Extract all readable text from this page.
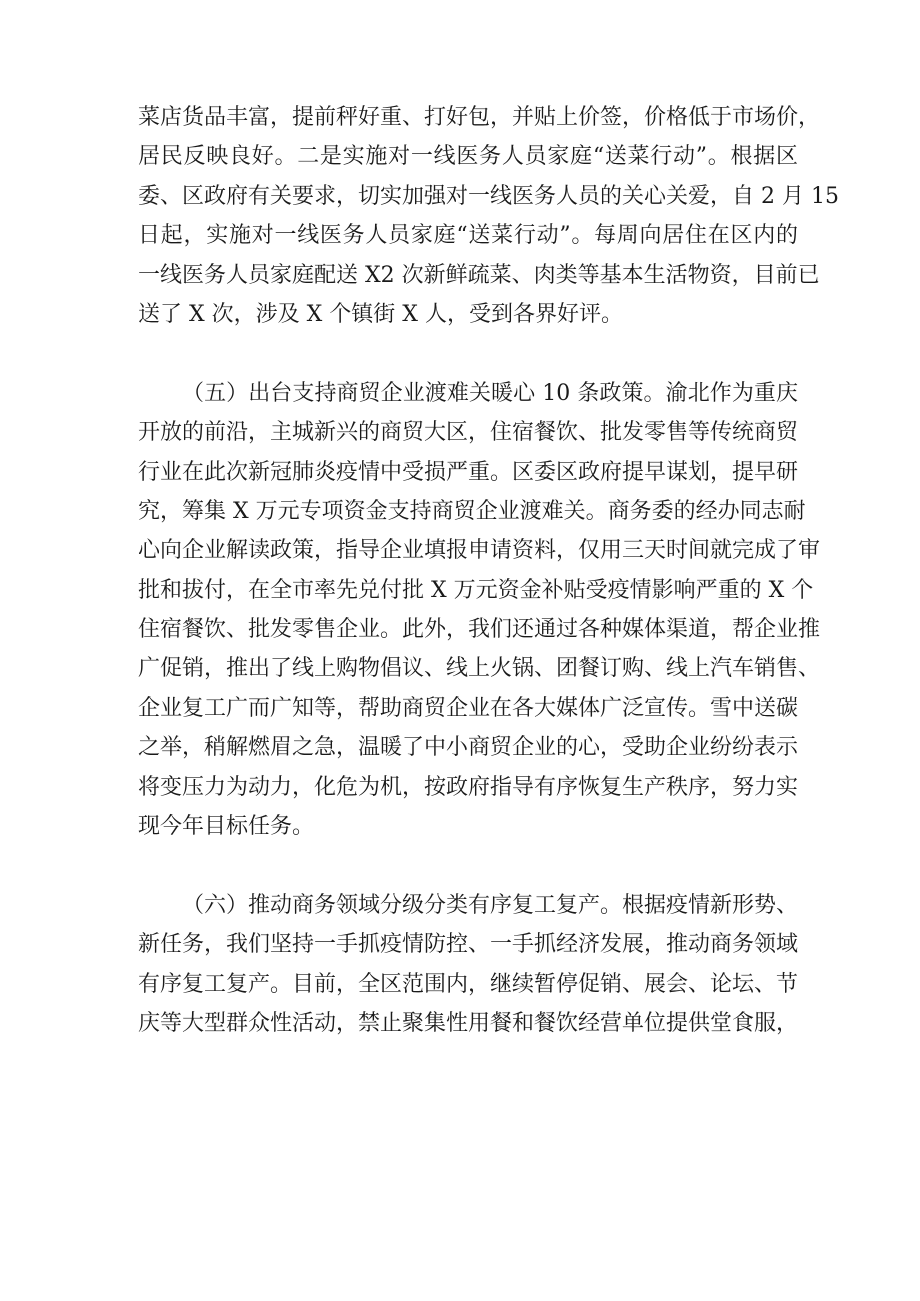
菜店货品丰富，提前秤好重、打好包，并贴上价签，价格低于市场价，
居民反映良好。二是实施对一线医务人员家庭“送菜行动”。根据区
委、区政府有关要求，切实加强对一线医务人员的关心关爱，自 2 月 15
日起，实施对一线医务人员家庭“送菜行动”。每周向居住在区内的
一线医务人员家庭配送 X2 次新鲜疏菜、肉类等基本生活物资，目前已
送了 X 次，涉及 X 个镇街 X 人，受到各界好评。
（五）出台支持商贸企业渡难关暖心 10 条政策。渝北作为重庆
开放的前沿，主城新兴的商贸大区，住宿餐饮、批发零售等传统商贸
行业在此次新冠肺炎疫情中受损严重。区委区政府提早谋划，提早研
究，筹集 X 万元专项资金支持商贸企业渡难关。商务委的经办同志耐
心向企业解读政策，指导企业填报申请资料，仅用三天时间就完成了审
批和拔付，在全市率先兑付批 X 万元资金补贴受疫情影响严重的 X 个
住宿餐饮、批发零售企业。此外，我们还通过各种媒体渠道，帮企业推
广促销，推出了线上购物倡议、线上火锅、团餐订购、线上汽车销售、
企业复工广而广知等，帮助商贸企业在各大媒体广泛宣传。雪中送碳
之举，稍解燃眉之急，温暖了中小商贸企业的心，受助企业纷纷表示
将变压力为动力，化危为机，按政府指导有序恢复生产秩序，努力实
现今年目标任务。
（六）推动商务领域分级分类有序复工复产。根据疫情新形势、
新任务，我们坚持一手抓疫情防控、一手抓经济发展，推动商务领域
有序复工复产。目前，全区范围内，继续暂停促销、展会、论坛、节
庆等大型群众性活动，禁止聚集性用餐和餐饮经营单位提供堂食服，
